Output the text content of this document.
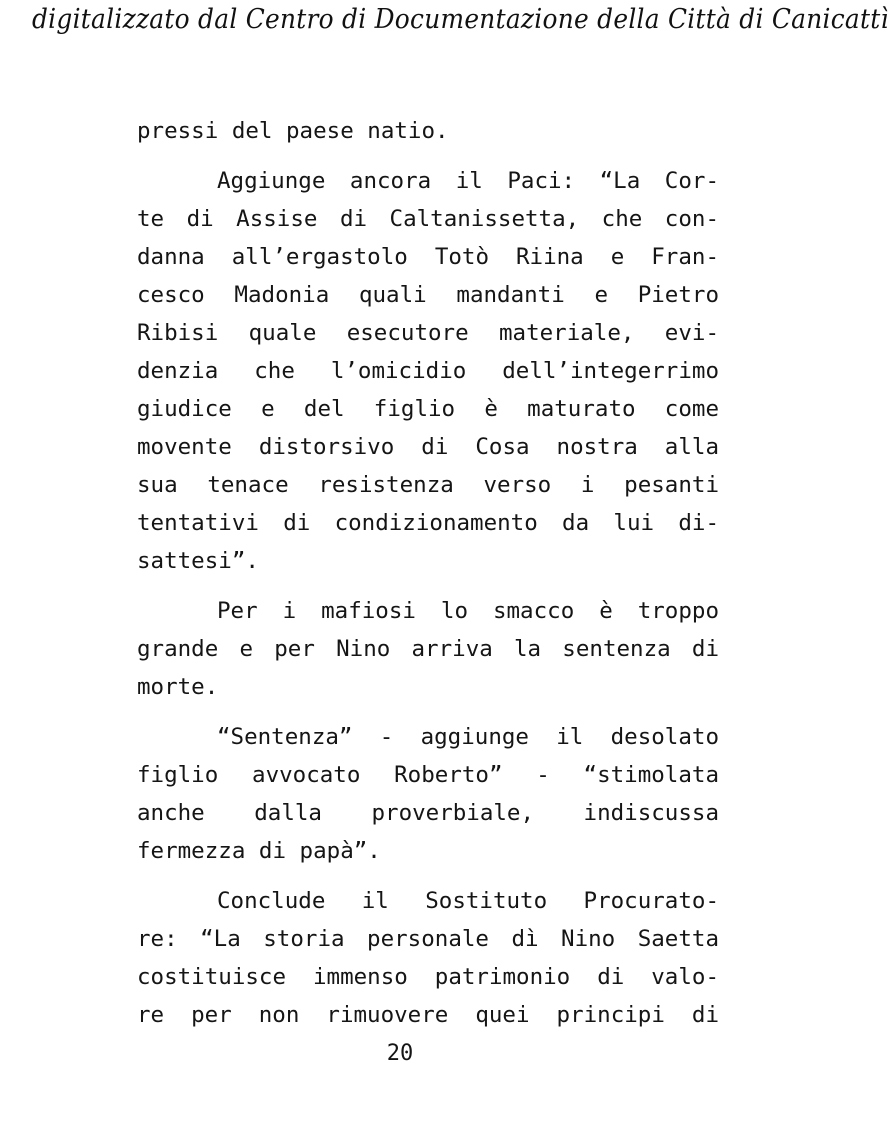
digitalizzato dal Centro di Documentazione della Città di Canicattì
pressi del paese natio.
Aggiunge ancora il Paci: “La Cor-
te di Assise di Caltanissetta, che con-
danna all’ergastolo Totò Riina e Fran-
cesco Madonia quali mandanti e Pietro
Ribisi quale esecutore materiale, evi-
denzia che l’omicidio dell’integerrimo
giudice e del figlio è maturato come
movente distorsivo di Cosa nostra alla
sua tenace resistenza verso i pesanti
tentativi di condizionamento da lui di-
sattesi”.
Per i mafiosi lo smacco è troppo
grande e per Nino arriva la sentenza di
morte.
“Sentenza” - aggiunge il desolato
figlio avvocato Roberto” - “stimolata
anche dalla proverbiale, indiscussa
fermezza di papà”.
Conclude il Sostituto Procurato-
re: “La storia personale dì Nino Saetta
costituisce immenso patrimonio di valo-
re per non rimuovere quei principi di
20
